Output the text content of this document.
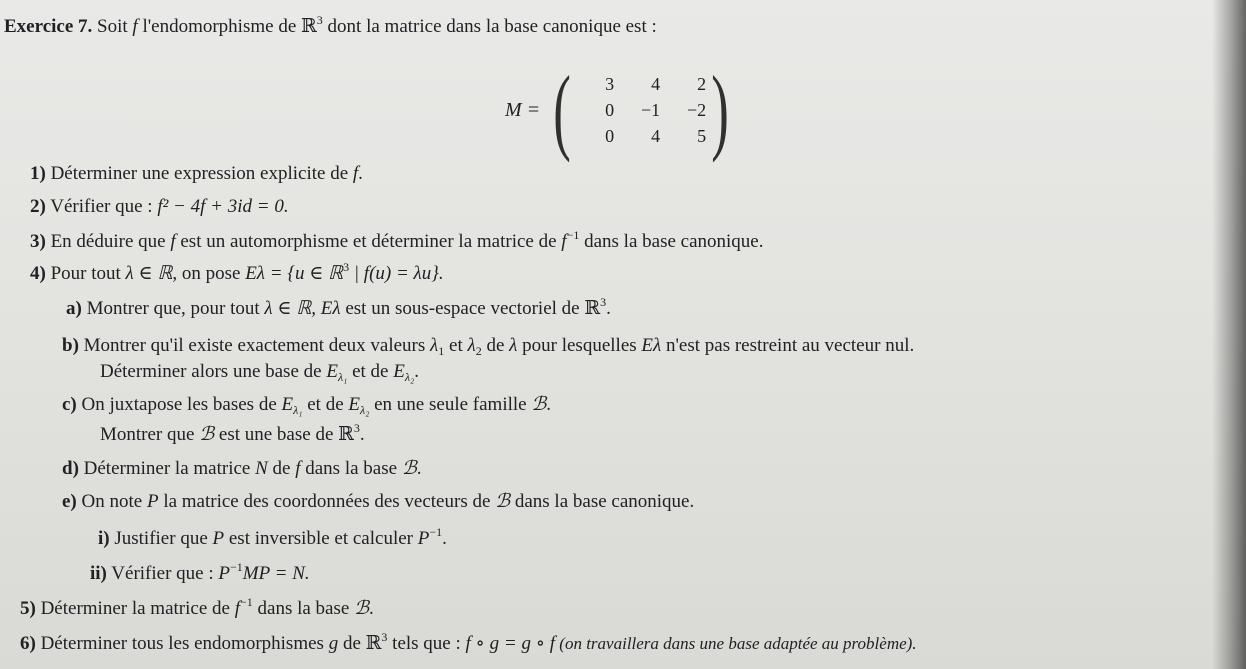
Exercice 7. Soit f l'endomorphisme de ℝ$^3$ dont la matrice dans la base canonique est :
M = ( 3	4	2
0	−1	−2
0	4	5 )
1) Déterminer une expression explicite de f.
2) Vérifier que : f² − 4f + 3id = 0.
3) En déduire que f est un automorphisme et déterminer la matrice de $f^{-1}$ dans la base canonique.
4) Pour tout λ ∈ ℝ, on pose Eλ = {u ∈ ℝ$^3$ | f(u) = λu}.
a) Montrer que, pour tout λ ∈ ℝ, Eλ est un sous-espace vectoriel de ℝ$^3$.
b) Montrer qu'il existe exactement deux valeurs $\lambda_1$ et $\lambda_2$ de λ pour lesquelles Eλ n'est pas restreint au vecteur nul.
Déterminer alors une base de $E_{\lambda_1}$ et de $E_{\lambda_2}$.
c) On juxtapose les bases de $E_{\lambda_1}$ et de $E_{\lambda_2}$ en une seule famille ℬ.
Montrer que ℬ est une base de ℝ$^3$.
d) Déterminer la matrice N de f dans la base ℬ.
e) On note P la matrice des coordonnées des vecteurs de ℬ dans la base canonique.
i) Justifier que P est inversible et calculer $P^{-1}$.
ii) Vérifier que : $P^{-1}MP = N$.
5) Déterminer la matrice de $f^{-1}$ dans la base ℬ.
6) Déterminer tous les endomorphismes g de ℝ$^3$ tels que : f ∘ g = g ∘ f (on travaillera dans une base adaptée au problème).
